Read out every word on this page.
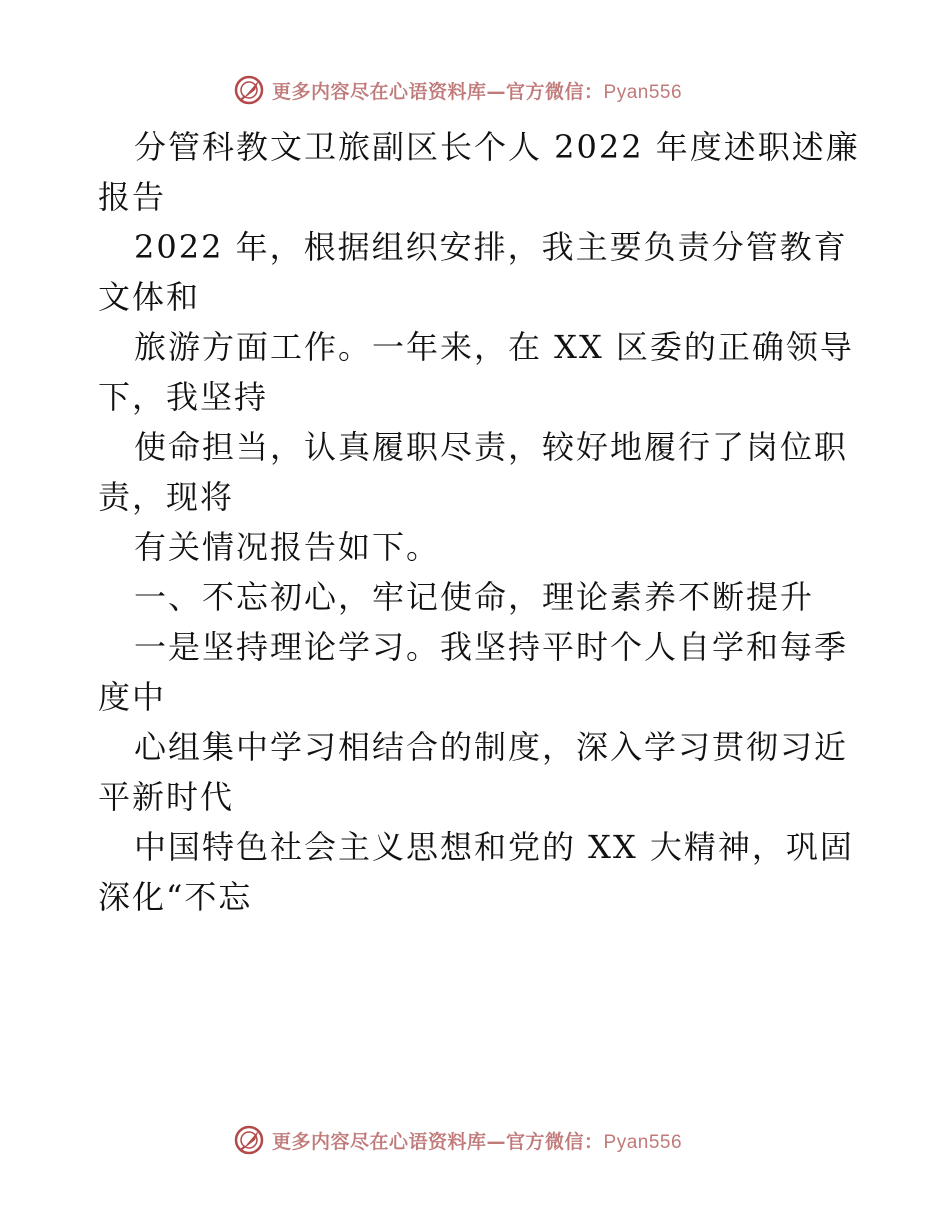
更多内容尽在心语资料库—官方微信：Pyan556
分管科教文卫旅副区长个人 2022 年度述职述廉
报告
2022 年，根据组织安排，我主要负责分管教育
文体和
旅游方面工作。一年来，在 XX 区委的正确领导
下，我坚持
使命担当，认真履职尽责，较好地履行了岗位职
责，现将
有关情况报告如下。
一、不忘初心，牢记使命，理论素养不断提升
一是坚持理论学习。我坚持平时个人自学和每季
度中
心组集中学习相结合的制度，深入学习贯彻习近
平新时代
中国特色社会主义思想和党的 XX 大精神，巩固
深化“不忘
更多内容尽在心语资料库—官方微信：Pyan556
